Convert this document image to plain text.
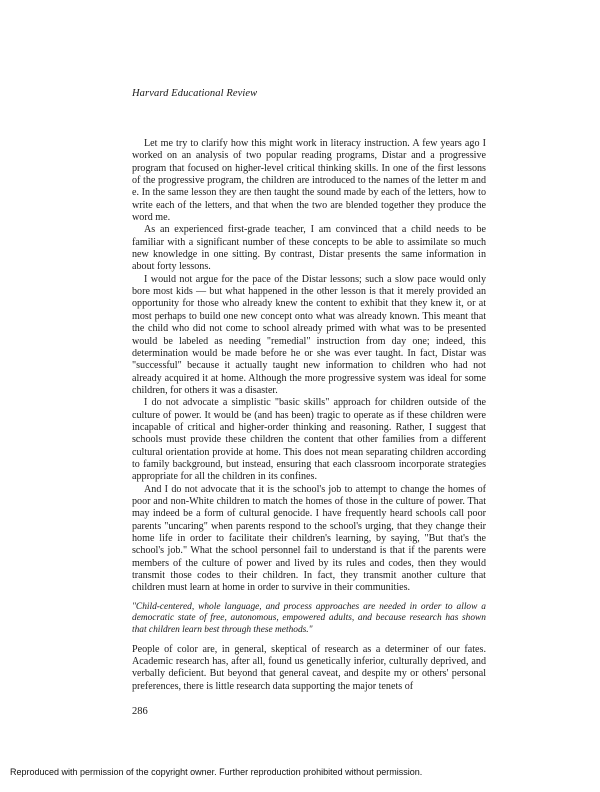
Harvard Educational Review

Let me try to clarify how this might work in literacy instruction. A few years ago I worked on an analysis of two popular reading programs, Distar and a progressive program that focused on higher-level critical thinking skills. In one of the first lessons of the progressive program, the children are introduced to the names of the letter m and e. In the same lesson they are then taught the sound made by each of the letters, how to write each of the letters, and that when the two are blended together they produce the word me.

As an experienced first-grade teacher, I am convinced that a child needs to be familiar with a significant number of these concepts to be able to assimilate so much new knowledge in one sitting. By contrast, Distar presents the same information in about forty lessons.

I would not argue for the pace of the Distar lessons; such a slow pace would only bore most kids — but what happened in the other lesson is that it merely provided an opportunity for those who already knew the content to exhibit that they knew it, or at most perhaps to build one new concept onto what was already known. This meant that the child who did not come to school already primed with what was to be presented would be labeled as needing "remedial" instruction from day one; indeed, this determination would be made before he or she was ever taught. In fact, Distar was "successful" because it actually taught new information to children who had not already acquired it at home. Although the more progressive system was ideal for some children, for others it was a disaster.

I do not advocate a simplistic "basic skills" approach for children outside of the culture of power. It would be (and has been) tragic to operate as if these children were incapable of critical and higher-order thinking and reasoning. Rather, I suggest that schools must provide these children the content that other families from a different cultural orientation provide at home. This does not mean separating children according to family background, but instead, ensuring that each classroom incorporate strategies appropriate for all the children in its confines.

And I do not advocate that it is the school's job to attempt to change the homes of poor and non-White children to match the homes of those in the culture of power. That may indeed be a form of cultural genocide. I have frequently heard schools call poor parents "uncaring" when parents respond to the school's urging, that they change their home life in order to facilitate their children's learning, by saying, "But that's the school's job." What the school personnel fail to understand is that if the parents were members of the culture of power and lived by its rules and codes, then they would transmit those codes to their children. In fact, they transmit another culture that children must learn at home in order to survive in their communities.

"Child-centered, whole language, and process approaches are needed in order to allow a democratic state of free, autonomous, empowered adults, and because research has shown that children learn best through these methods."

People of color are, in general, skeptical of research as a determiner of our fates. Academic research has, after all, found us genetically inferior, culturally deprived, and verbally deficient. But beyond that general caveat, and despite my or others' personal preferences, there is little research data supporting the major tenets of

286
Reproduced with permission of the copyright owner. Further reproduction prohibited without permission.
